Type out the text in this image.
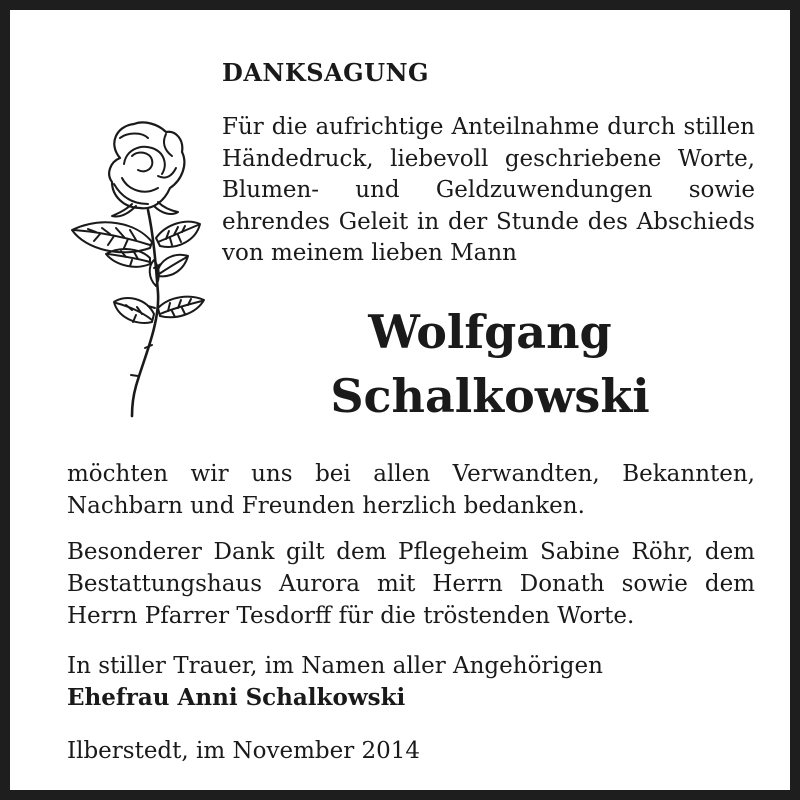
DANKSAGUNG

Für die aufrichtige Anteilnahme durch stillen Händedruck, liebevoll geschriebene Worte, Blumen- und Geldzuwendungen sowie ehrendes Geleit in der Stunde des Abschieds von meinem lieben Mann

Wolfgang
Schalkowski

möchten wir uns bei allen Verwandten, Bekannten, Nachbarn und Freunden herzlich bedanken.

Besonderer Dank gilt dem Pflegeheim Sabine Röhr, dem Bestattungshaus Aurora mit Herrn Donath sowie dem Herrn Pfarrer Tesdorff für die tröstenden Worte.

In stiller Trauer, im Namen aller Angehörigen
Ehefrau Anni Schalkowski

Ilberstedt, im November 2014
